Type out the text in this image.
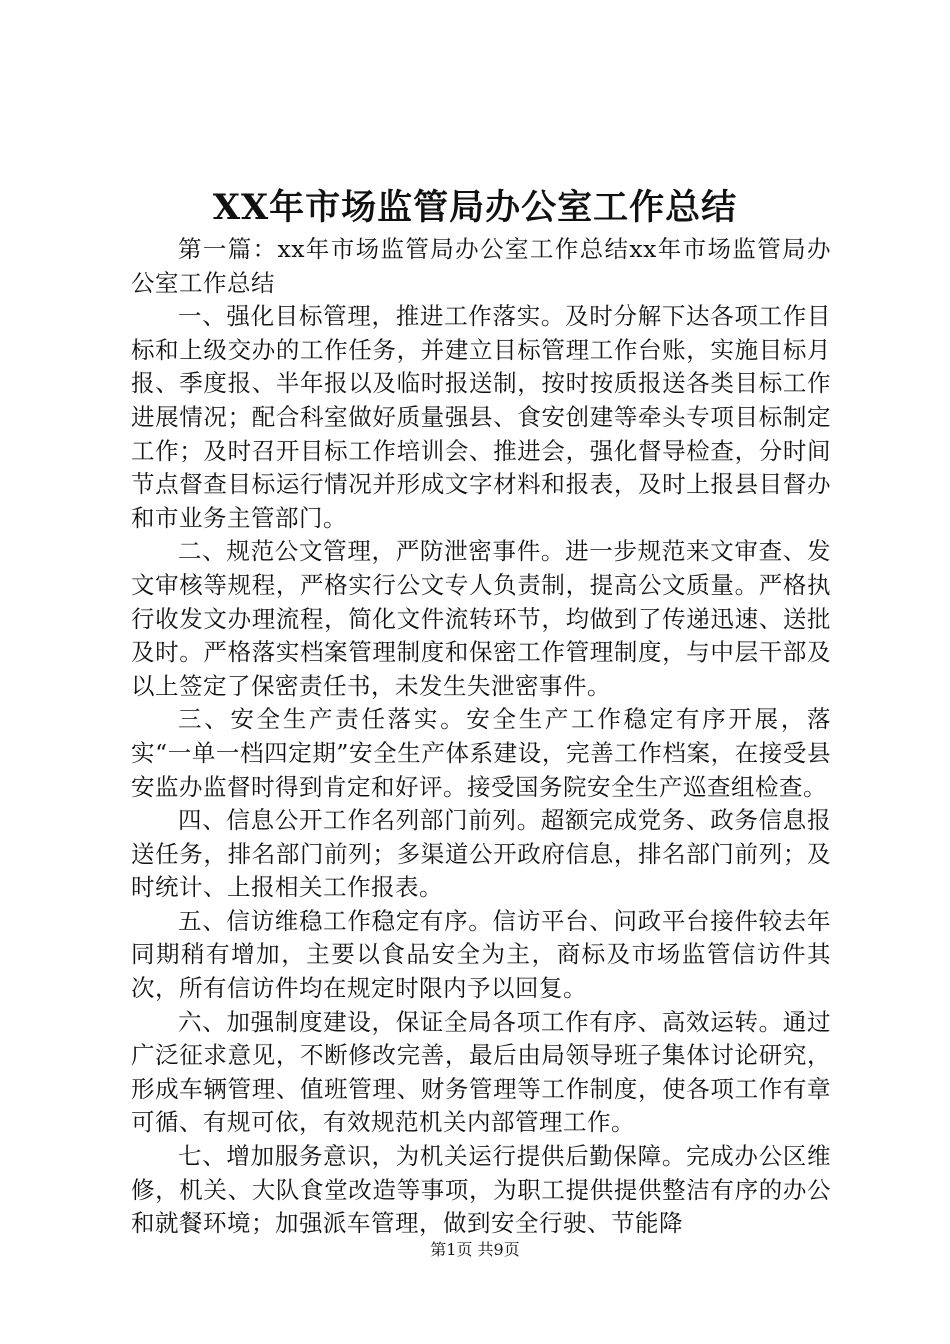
XX年市场监管局办公室工作总结

第一篇：xx年市场监管局办公室工作总结xx年市场监管局办公室工作总结

一、强化目标管理，推进工作落实。及时分解下达各项工作目标和上级交办的工作任务，并建立目标管理工作台账，实施目标月报、季度报、半年报以及临时报送制，按时按质报送各类目标工作进展情况；配合科室做好质量强县、食安创建等牵头专项目标制定工作；及时召开目标工作培训会、推进会，强化督导检查，分时间节点督查目标运行情况并形成文字材料和报表，及时上报县目督办和市业务主管部门。

二、规范公文管理，严防泄密事件。进一步规范来文审查、发文审核等规程，严格实行公文专人负责制，提高公文质量。严格执行收发文办理流程，简化文件流转环节，均做到了传递迅速、送批及时。严格落实档案管理制度和保密工作管理制度，与中层干部及以上签定了保密责任书，未发生失泄密事件。

三、安全生产责任落实。安全生产工作稳定有序开展，落实“一单一档四定期”安全生产体系建设，完善工作档案，在接受县安监办监督时得到肯定和好评。接受国务院安全生产巡查组检查。

四、信息公开工作名列部门前列。超额完成党务、政务信息报送任务，排名部门前列；多渠道公开政府信息，排名部门前列；及时统计、上报相关工作报表。

五、信访维稳工作稳定有序。信访平台、问政平台接件较去年同期稍有增加，主要以食品安全为主，商标及市场监管信访件其次，所有信访件均在规定时限内予以回复。

六、加强制度建设，保证全局各项工作有序、高效运转。通过广泛征求意见，不断修改完善，最后由局领导班子集体讨论研究，形成车辆管理、值班管理、财务管理等工作制度，使各项工作有章可循、有规可依，有效规范机关内部管理工作。

七、增加服务意识，为机关运行提供后勤保障。完成办公区维修，机关、大队食堂改造等事项，为职工提供提供整洁有序的办公和就餐环境；加强派车管理，做到安全行驶、节能降

第1页 共9页
